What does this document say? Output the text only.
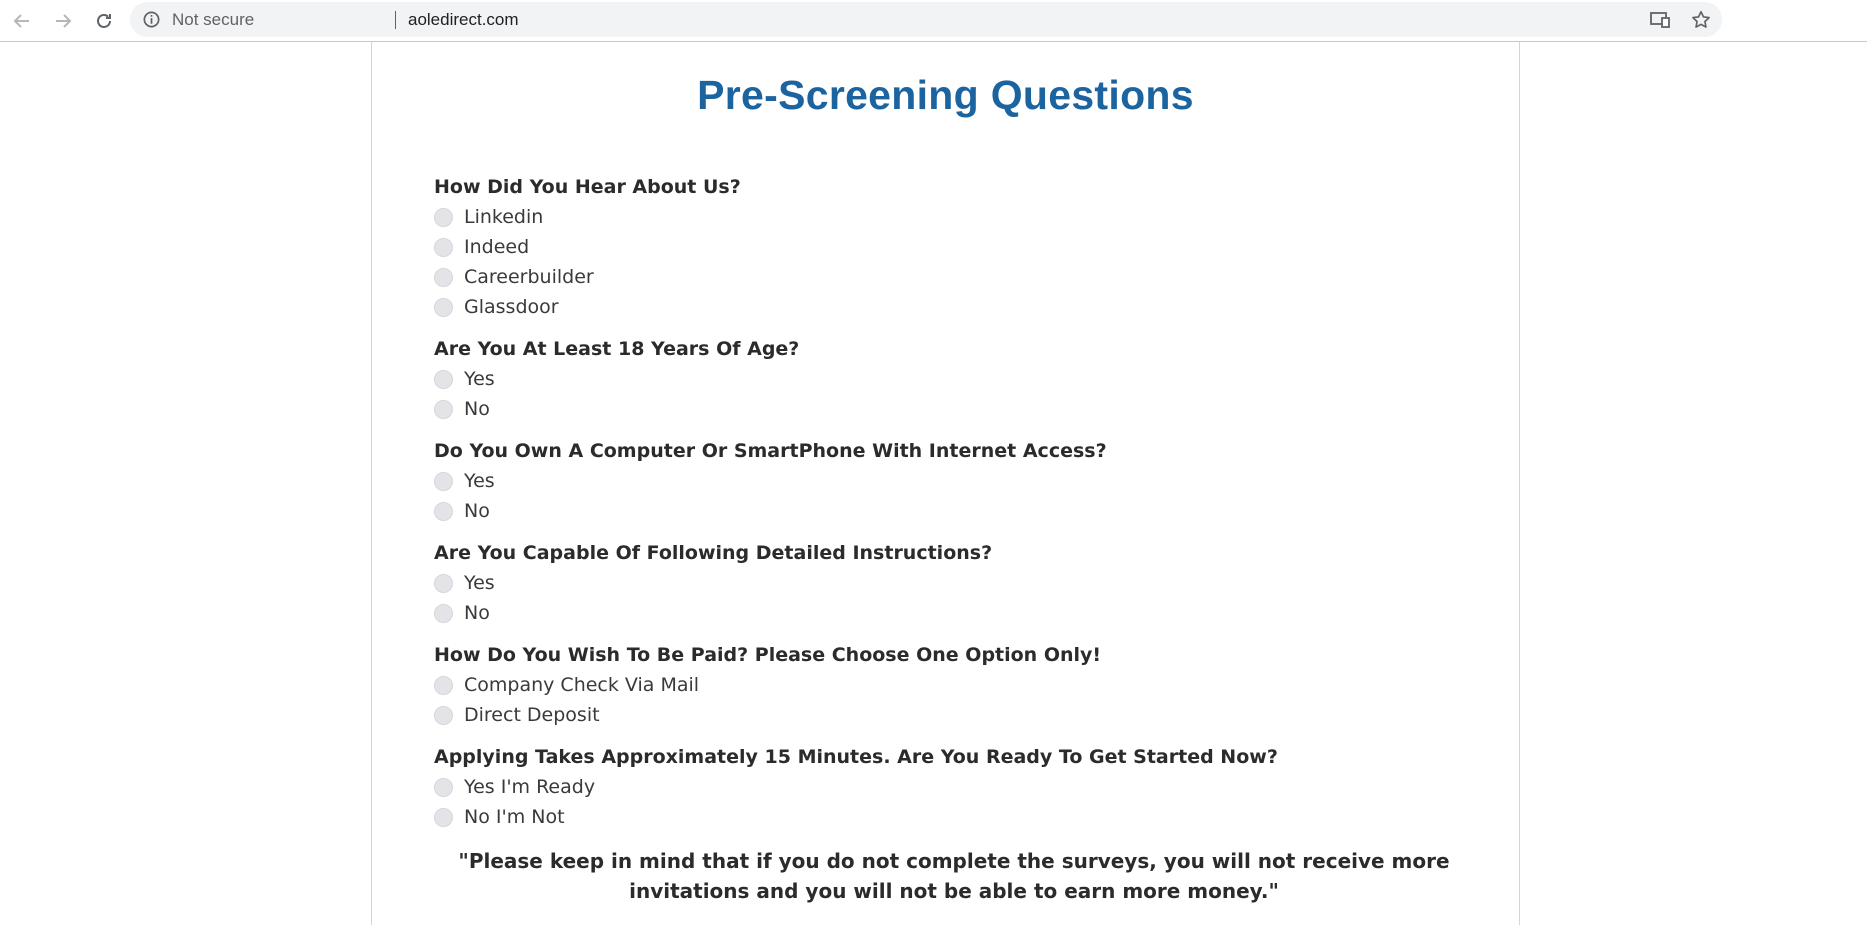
Not secure	aoledirect.com
Pre-Screening Questions
How Did You Hear About Us?
Linkedin
Indeed
Careerbuilder
Glassdoor
Are You At Least 18 Years Of Age?
Yes
No
Do You Own A Computer Or SmartPhone With Internet Access?
Yes
No
Are You Capable Of Following Detailed Instructions?
Yes
No
How Do You Wish To Be Paid? Please Choose One Option Only!
Company Check Via Mail
Direct Deposit
Applying Takes Approximately 15 Minutes. Are You Ready To Get Started Now?
Yes I'm Ready
No I'm Not
"Please keep in mind that if you do not complete the surveys, you will not receive more invitations and you will not be able to earn more money."
